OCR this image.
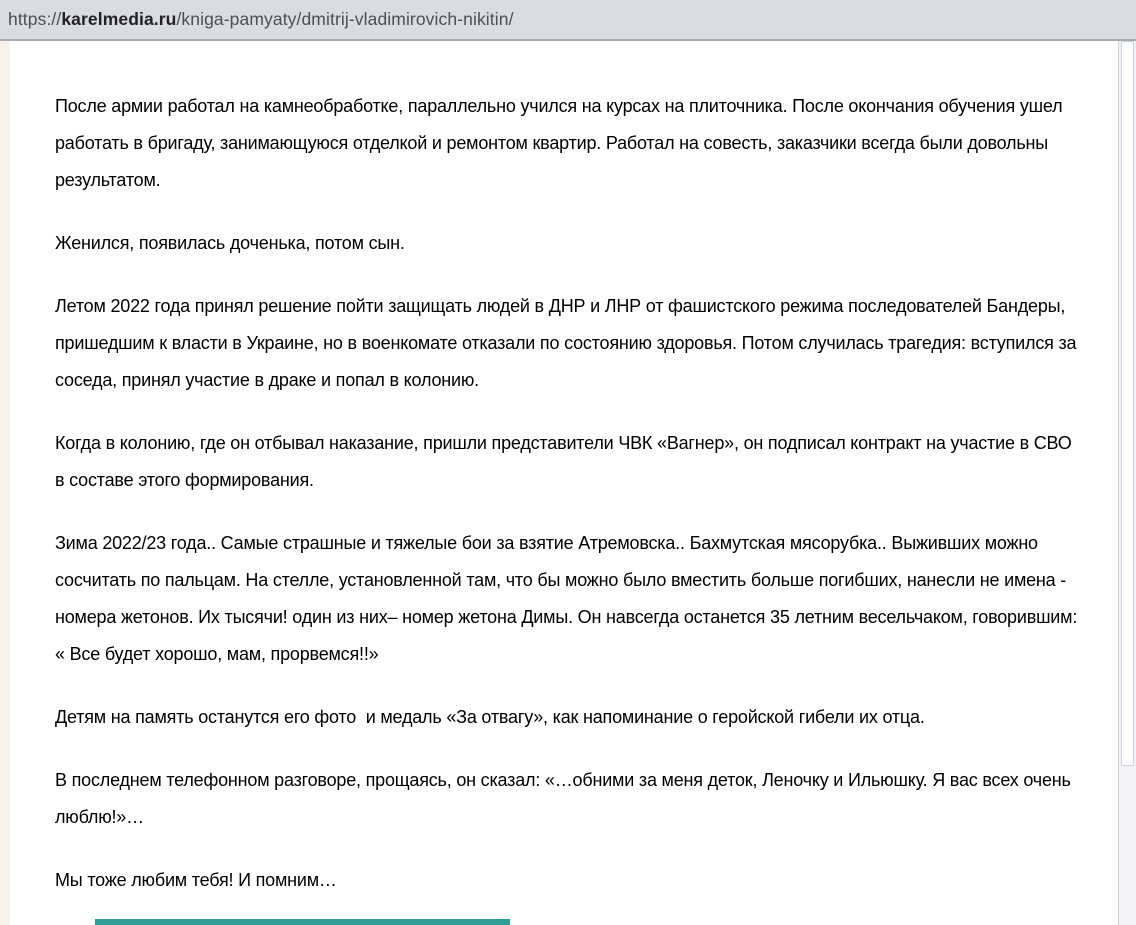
https:// karelmedia.ru /kniga-pamyaty/dmitrij-vladimirovich-nikitin/

После армии работал на камнеобработке, параллельно учился на курсах на плиточника. После окончания обучения ушел работать в бригаду, занимающуюся отделкой и ремонтом квартир. Работал на совесть, заказчики всегда были довольны результатом.

Женился, появилась доченька, потом сын.

Летом 2022 года принял решение пойти защищать людей в ДНР и ЛНР от фашистского режима последователей Бандеры, пришедшим к власти в Украине, но в военкомате отказали по состоянию здоровья. Потом случилась трагедия: вступился за соседа, принял участие в драке и попал в колонию.

Когда в колонию, где он отбывал наказание, пришли представители ЧВК «Вагнер», он подписал контракт на участие в СВО в составе этого формирования.

Зима 2022/23 года.. Самые страшные и тяжелые бои за взятие Атремовска.. Бахмутская мясорубка.. Выживших можно сосчитать по пальцам. На стелле, установленной там, что бы можно было вместить больше погибших, нанесли не имена - номера жетонов. Их тысячи! один из них– номер жетона Димы. Он навсегда останется 35 летним весельчаком, говорившим: « Все будет хорошо, мам, прорвемся!!»

Детям на память останутся его фото  и медаль «За отвагу», как напоминание о геройской гибели их отца.

В последнем телефонном разговоре, прощаясь, он сказал: «…обними за меня деток, Леночку и Ильюшку. Я вас всех очень люблю!»…

Мы тоже любим тебя! И помним…
